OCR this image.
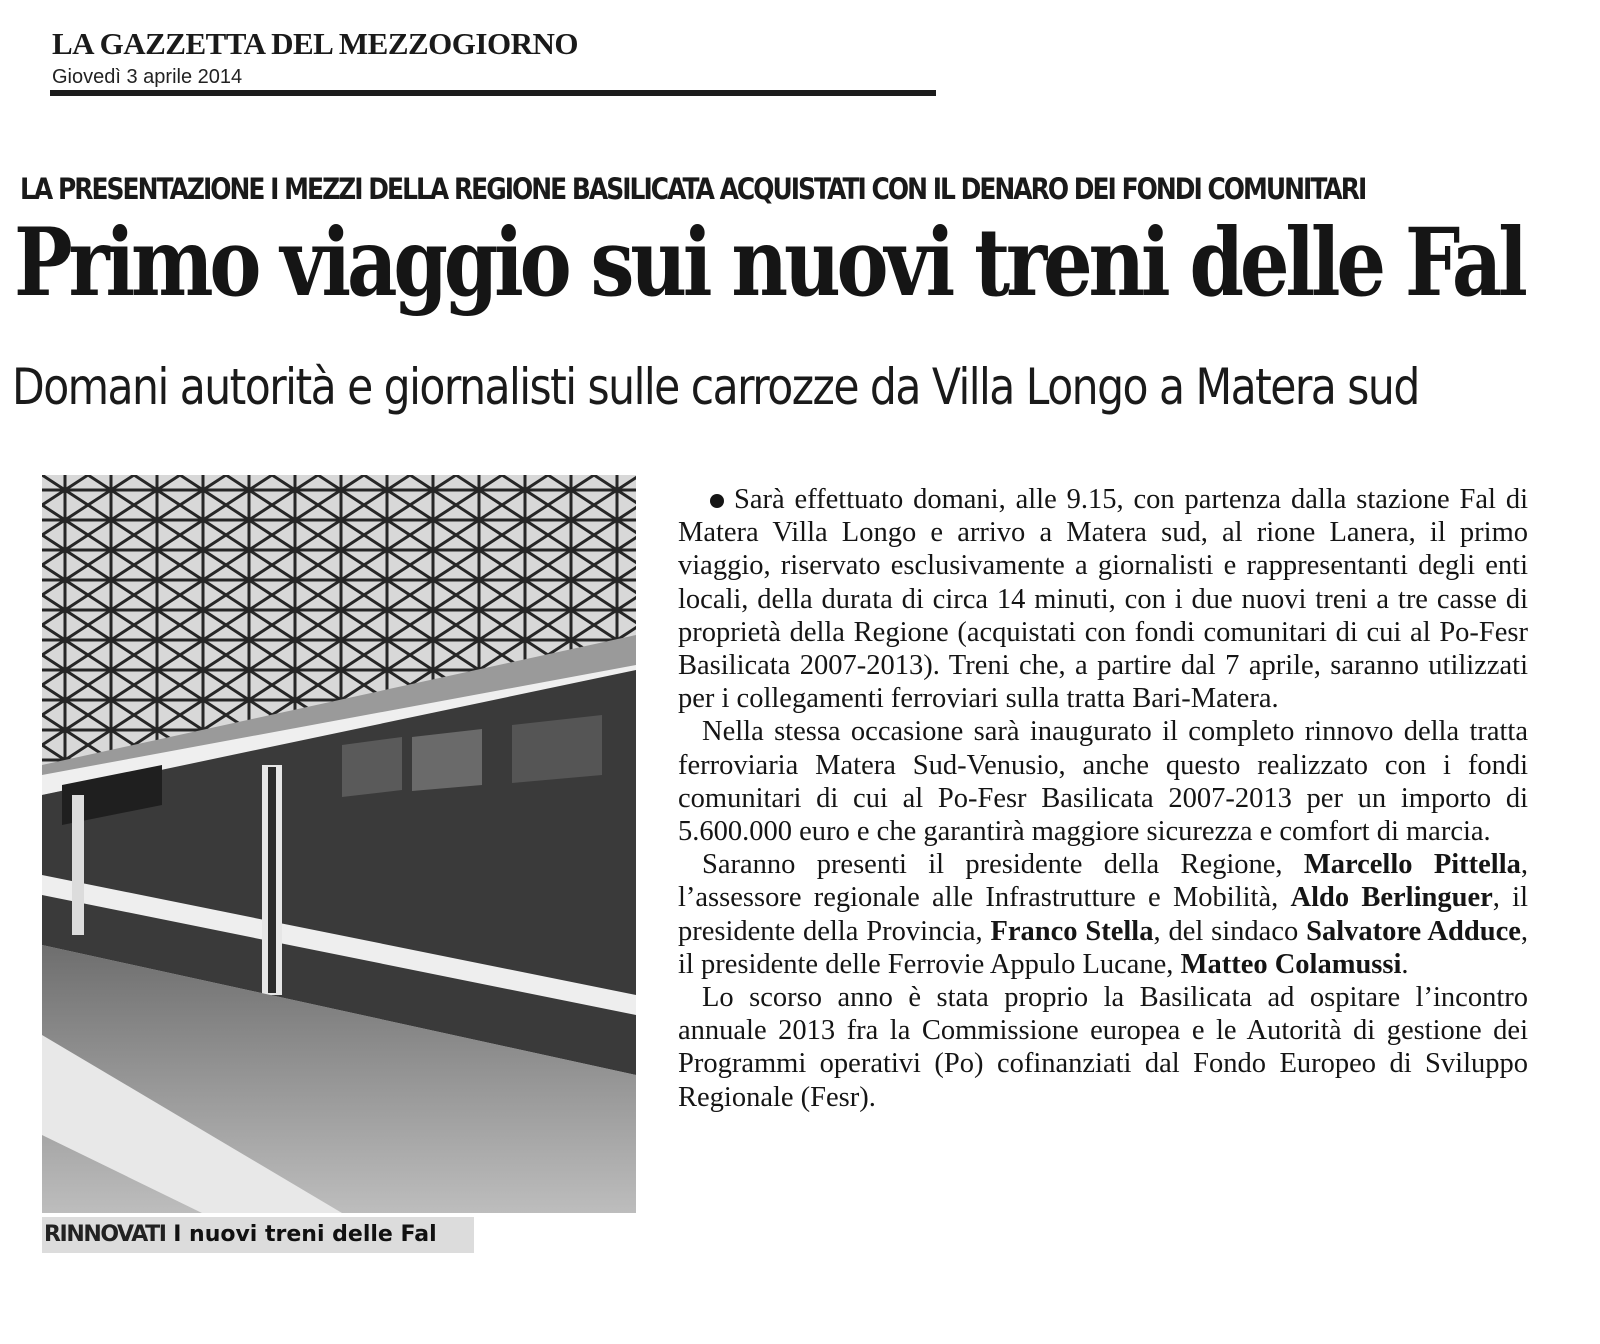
LA GAZZETTA DEL MEZZOGIORNO
Giovedì 3 aprile 2014
LA PRESENTAZIONE I MEZZI DELLA REGIONE BASILICATA ACQUISTATI CON IL DENARO DEI FONDI COMUNITARI
Primo viaggio sui nuovi treni delle Fal
Domani autorità e giornalisti sulle carrozze da Villa Longo a Matera sud
RINNOVATI I nuovi treni delle Fal

Sarà effettuato domani, alle 9.15, con partenza dalla stazione Fal di Matera Villa Longo e arrivo a Matera sud, al rione Lanera, il primo viaggio, riservato esclusivamente a giornalisti e rappresentanti degli enti locali, della durata di circa 14 minuti, con i due nuovi treni a tre casse di proprietà della Regione (acquistati con fondi comunitari di cui al Po-Fesr Basilicata 2007-2013). Treni che, a partire dal 7 aprile, saranno utilizzati per i collegamenti ferroviari sulla tratta Bari-Matera.

Nella stessa occasione sarà inaugurato il completo rinnovo della tratta ferroviaria Matera Sud-Venusio, anche questo realizzato con i fondi comunitari di cui al Po-Fesr Basilicata 2007-2013 per un importo di 5.600.000 euro e che garantirà maggiore sicurezza e comfort di marcia.

Saranno presenti il presidente della Regione, Marcello Pittella, l’assessore regionale alle Infrastrutture e Mobilità, Aldo Berlinguer, il presidente della Provincia, Franco Stella, del sindaco Salvatore Adduce, il presidente delle Ferrovie Appulo Lucane, Matteo Colamussi.

Lo scorso anno è stata proprio la Basilicata ad ospitare l’incontro annuale 2013 fra la Commissione europea e le Autorità di gestione dei Programmi operativi (Po) cofinanziati dal Fondo Europeo di Sviluppo Regionale (Fesr).
